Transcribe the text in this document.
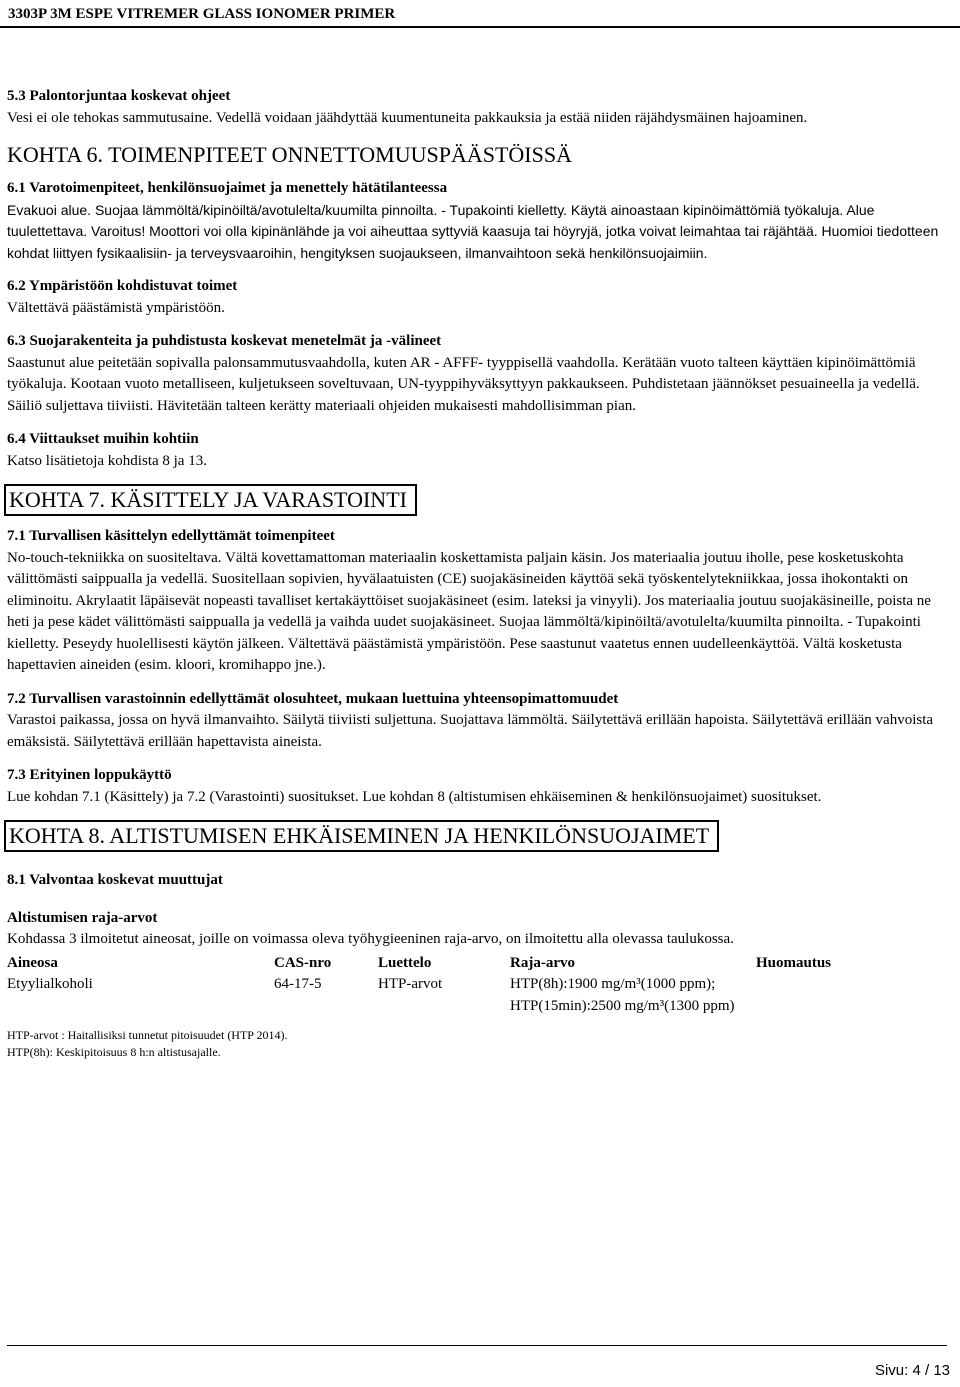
3303P 3M ESPE VITREMER GLASS IONOMER PRIMER

5.3 Palontorjuntaa koskevat ohjeet

Vesi ei ole tehokas sammutusaine. Vedellä voidaan jäähdyttää kuumentuneita pakkauksia ja estää niiden räjähdysmäinen hajoaminen.

KOHTA 6. TOIMENPITEET ONNETTOMUUSPÄÄSTÖISSÄ

6.1 Varotoimenpiteet, henkilönsuojaimet ja menettely hätätilanteessa

Evakuoi alue. Suojaa lämmöltä/kipinöiltä/avotulelta/kuumilta pinnoilta. - Tupakointi kielletty. Käytä ainoastaan kipinöimättömiä työkaluja. Alue tuulettettava. Varoitus! Moottori voi olla kipinänlähde ja voi aiheuttaa syttyviä kaasuja tai höyryjä, jotka voivat leimahtaa tai räjähtää. Huomioi tiedotteen kohdat liittyen fysikaalisiin- ja terveysvaaroihin, hengityksen suojaukseen, ilmanvaihtoon sekä henkilönsuojaimiin.

6.2 Ympäristöön kohdistuvat toimet

Vältettävä päästämistä ympäristöön.

6.3 Suojarakenteita ja puhdistusta koskevat menetelmät ja -välineet

Saastunut alue peitetään sopivalla palonsammutusvaahdolla, kuten AR - AFFF- tyyppisellä vaahdolla. Kerätään vuoto talteen käyttäen kipinöimättömiä työkaluja. Kootaan vuoto metalliseen, kuljetukseen soveltuvaan, UN-tyyppihyväksyttyyn pakkaukseen. Puhdistetaan jäännökset pesuaineella ja vedellä. Säiliö suljettava tiiviisti. Hävitetään talteen kerätty materiaali ohjeiden mukaisesti mahdollisimman pian.

6.4 Viittaukset muihin kohtiin

Katso lisätietoja kohdista 8 ja 13.

KOHTA 7. KÄSITTELY JA VARASTOINTI

7.1 Turvallisen käsittelyn edellyttämät toimenpiteet

No-touch-tekniikka on suositeltava. Vältä kovettamattoman materiaalin koskettamista paljain käsin. Jos materiaalia joutuu iholle, pese kosketuskohta välittömästi saippualla ja vedellä. Suositellaan sopivien, hyvälaatuisten (CE) suojakäsineiden käyttöä sekä työskentelytekniikkaa, jossa ihokontakti on eliminoitu. Akrylaatit läpäisevät nopeasti tavalliset kertakäyttöiset suojakäsineet (esim. lateksi ja vinyyli). Jos materiaalia joutuu suojakäsineille, poista ne heti ja pese kädet välittömästi saippualla ja vedellä ja vaihda uudet suojakäsineet. Suojaa lämmöltä/kipinöiltä/avotulelta/kuumilta pinnoilta. - Tupakointi kielletty. Peseydy huolellisesti käytön jälkeen. Vältettävä päästämistä ympäristöön. Pese saastunut vaatetus ennen uudelleenkäyttöä. Vältä kosketusta hapettavien aineiden (esim. kloori, kromihappo jne.).

7.2 Turvallisen varastoinnin edellyttämät olosuhteet, mukaan luettuina yhteensopimattomuudet

Varastoi paikassa, jossa on hyvä ilmanvaihto. Säilytä tiiviisti suljettuna. Suojattava lämmöltä. Säilytettävä erillään hapoista. Säilytettävä erillään vahvoista emäksistä. Säilytettävä erillään hapettavista aineista.

7.3 Erityinen loppukäyttö

Lue kohdan 7.1 (Käsittely) ja 7.2 (Varastointi) suositukset. Lue kohdan 8 (altistumisen ehkäiseminen & henkilönsuojaimet) suositukset.

KOHTA 8. ALTISTUMISEN EHKÄISEMINEN JA HENKILÖNSUOJAIMET

8.1 Valvontaa koskevat muuttujat

Altistumisen raja-arvot

Kohdassa 3 ilmoitetut aineosat, joille on voimassa oleva työhygieeninen raja-arvo, on ilmoitettu alla olevassa taulukossa.

Aineosa	CAS-nro	Luettelo	Raja-arvo	Huomautus
Etyylialkoholi	64-17-5	HTP-arvot	HTP(8h):1900 mg/m³(1000 ppm); HTP(15min):2500 mg/m³(1300 ppm)	

HTP-arvot : Haitallisiksi tunnetut pitoisuudet (HTP 2014).

HTP(8h): Keskipitoisuus 8 h:n altistusajalle.

Sivu: 4 / 13
